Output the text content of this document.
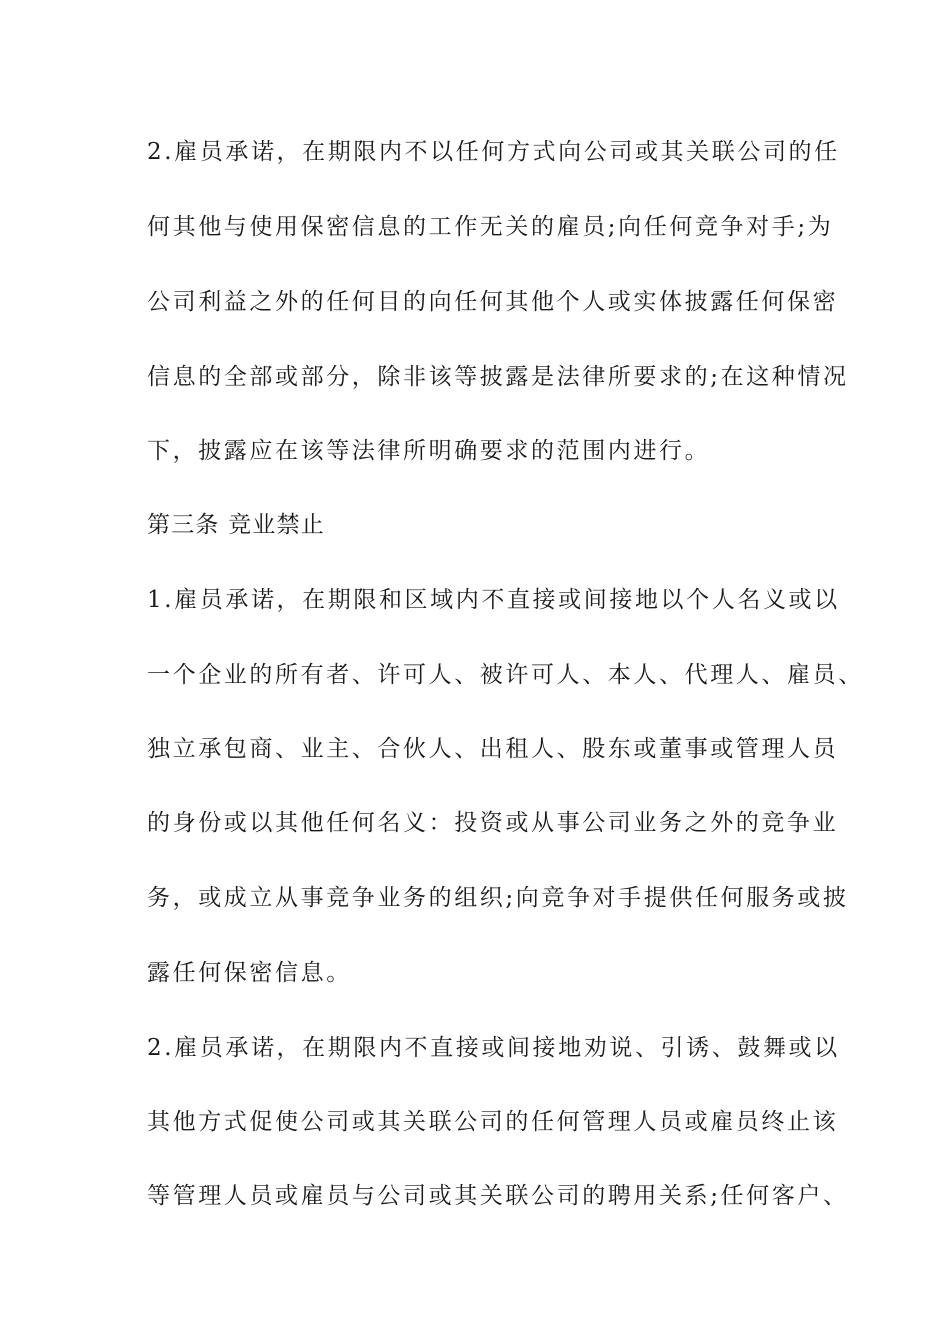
2.雇员承诺，在期限内不以任何方式向公司或其关联公司的任
何其他与使用保密信息的工作无关的雇员;向任何竞争对手;为
公司利益之外的任何目的向任何其他个人或实体披露任何保密
信息的全部或部分，除非该等披露是法律所要求的;在这种情况
下，披露应在该等法律所明确要求的范围内进行。
第三条 竞业禁止
1.雇员承诺，在期限和区域内不直接或间接地以个人名义或以
一个企业的所有者、许可人、被许可人、本人、代理人、雇员、
独立承包商、业主、合伙人、出租人、股东或董事或管理人员
的身份或以其他任何名义：投资或从事公司业务之外的竞争业
务，或成立从事竞争业务的组织;向竞争对手提供任何服务或披
露任何保密信息。
2.雇员承诺，在期限内不直接或间接地劝说、引诱、鼓舞或以
其他方式促使公司或其关联公司的任何管理人员或雇员终止该
等管理人员或雇员与公司或其关联公司的聘用关系;任何客户、
